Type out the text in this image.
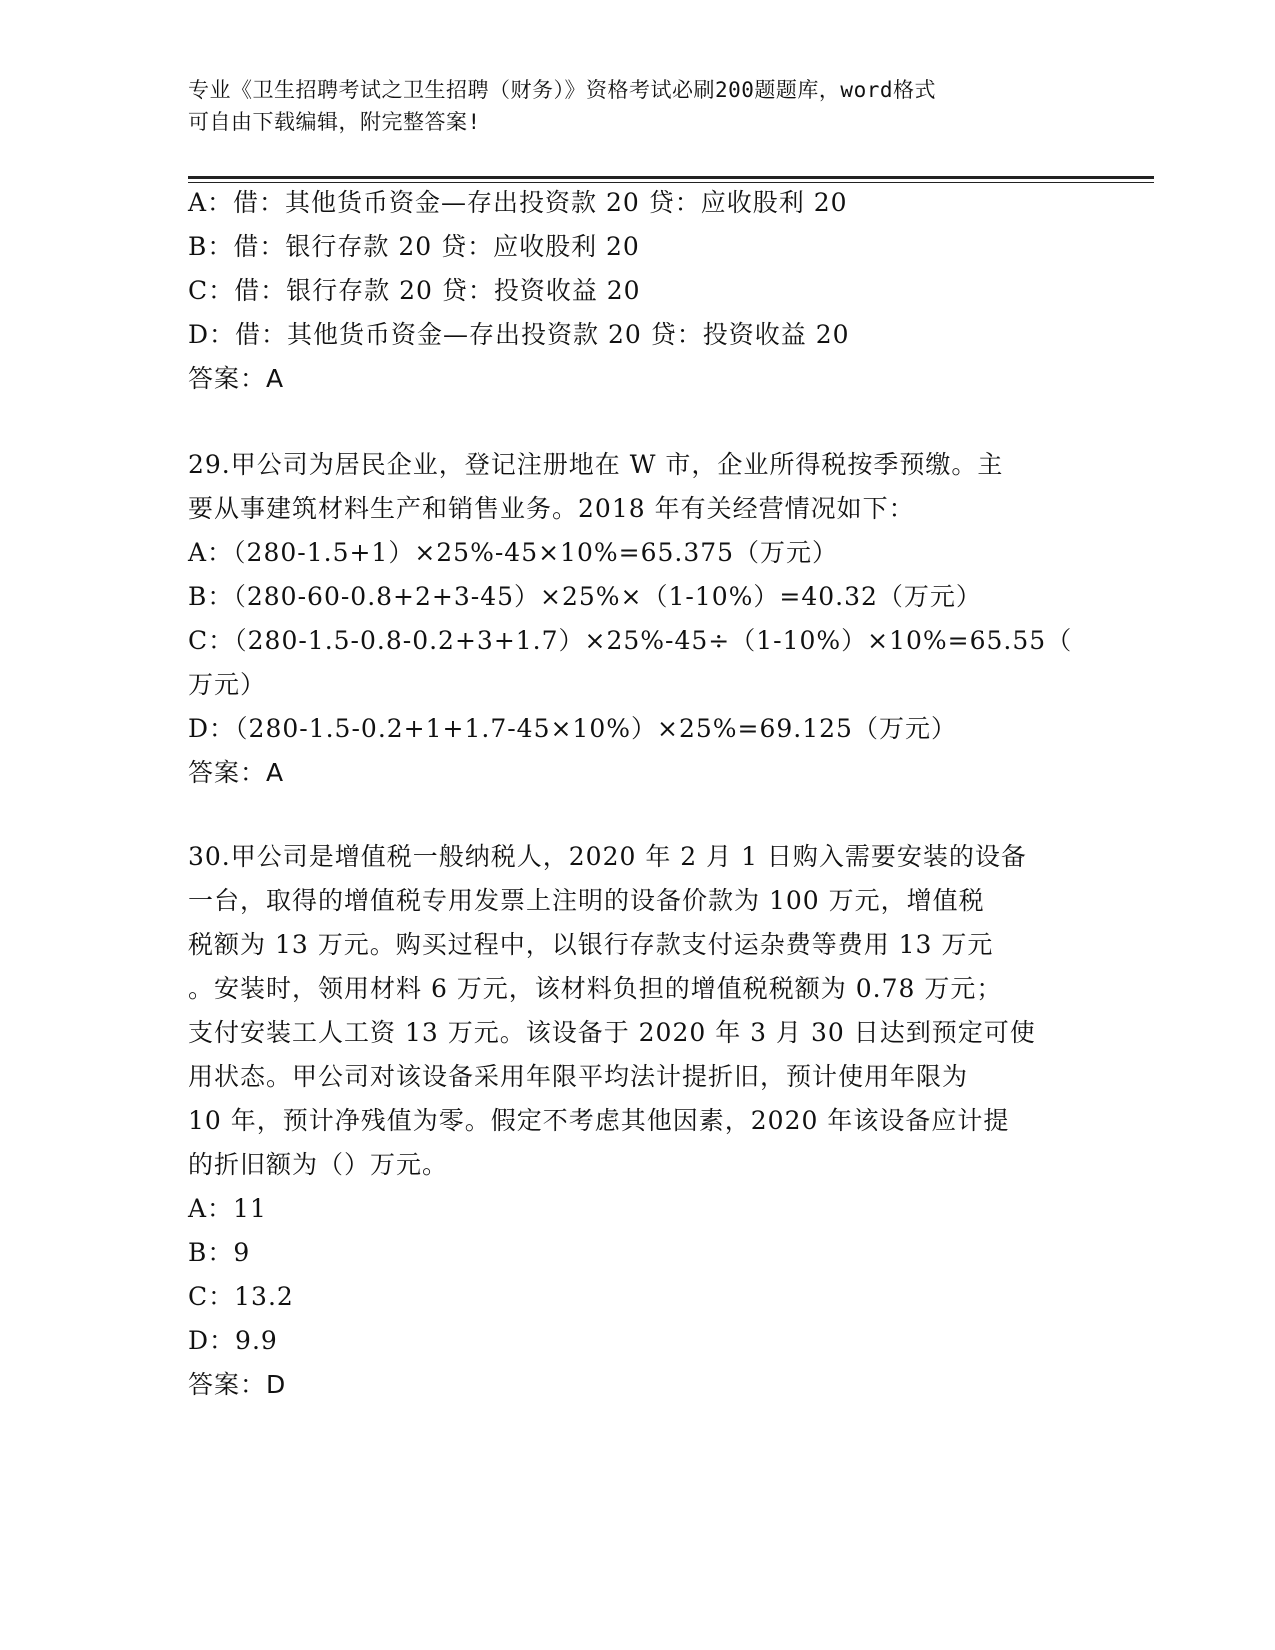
专业《卫生招聘考试之卫生招聘（财务）》资格考试必刷200题题库，word格式
可自由下载编辑，附完整答案!
A：借：其他货币资金—存出投资款 20 贷：应收股利 20
B：借：银行存款 20 贷：应收股利 20
C：借：银行存款 20 贷：投资收益 20
D：借：其他货币资金—存出投资款 20 贷：投资收益 20
答案：A
29.甲公司为居民企业，登记注册地在 W 市，企业所得税按季预缴。主
要从事建筑材料生产和销售业务。2018 年有关经营情况如下：
A：（280-1.5+1）×25%-45×10%=65.375（万元）
B：（280-60-0.8+2+3-45）×25%×（1-10%）=40.32（万元）
C：（280-1.5-0.8-0.2+3+1.7）×25%-45÷（1-10%）×10%=65.55（
万元）
D：（280-1.5-0.2+1+1.7-45×10%）×25%=69.125（万元）
答案：A
30.甲公司是增值税一般纳税人，2020 年 2 月 1 日购入需要安装的设备
一台，取得的增值税专用发票上注明的设备价款为 100 万元，增值税
税额为 13 万元。购买过程中，以银行存款支付运杂费等费用 13 万元
。安装时，领用材料 6 万元，该材料负担的增值税税额为 0.78 万元；
支付安装工人工资 13 万元。该设备于 2020 年 3 月 30 日达到预定可使
用状态。甲公司对该设备采用年限平均法计提折旧，预计使用年限为
10 年，预计净残值为零。假定不考虑其他因素，2020 年该设备应计提
的折旧额为（）万元。
A：11
B：9
C：13.2
D：9.9
答案：D
